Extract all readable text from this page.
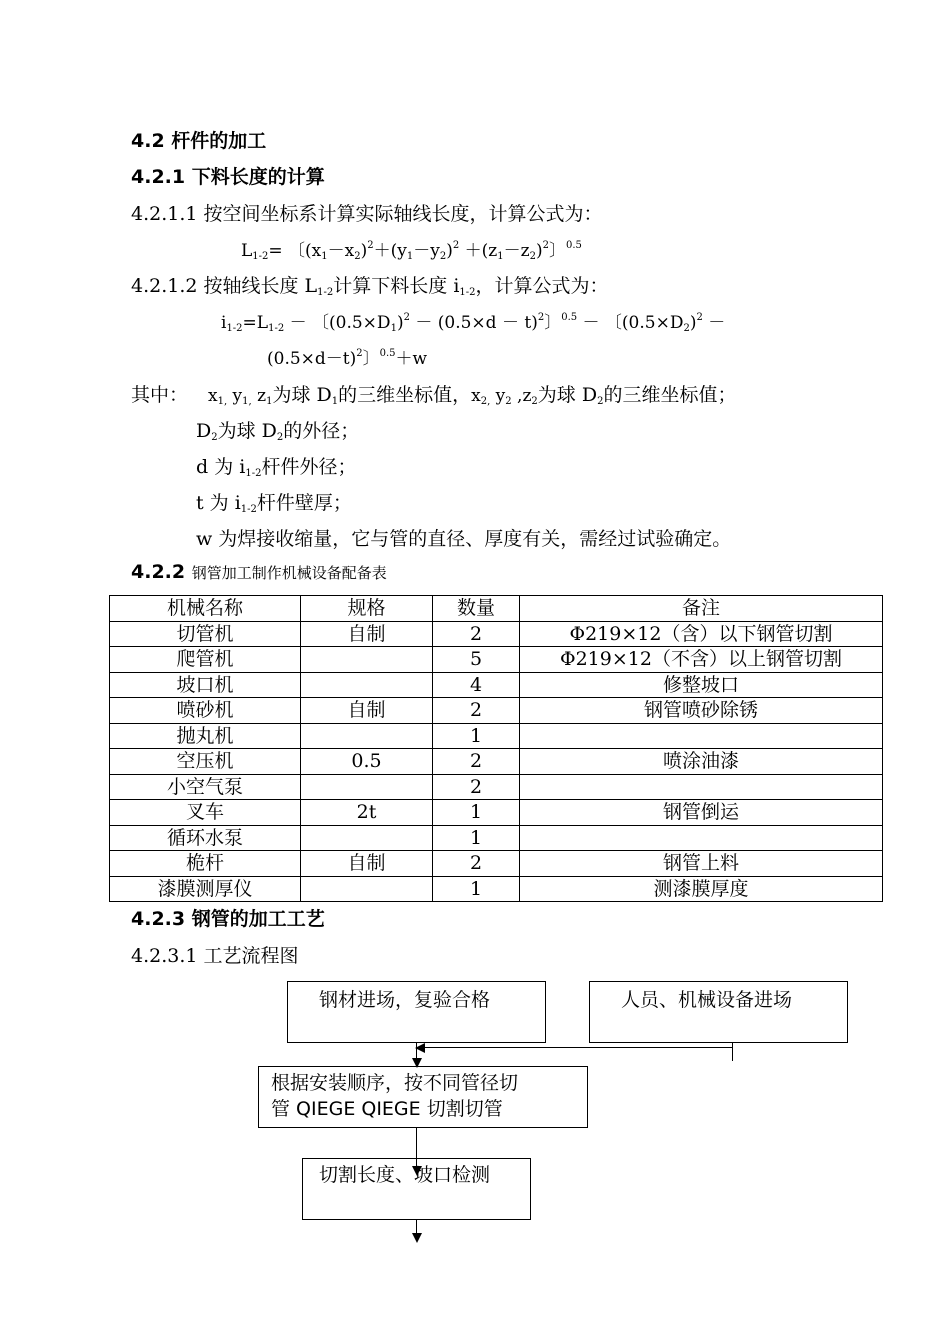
4.2 杆件的加工
4.2.1 下料长度的计算
4.2.1.1 按空间坐标系计算实际轴线长度，计算公式为：
$L_{1-2}=$ 〔$(x_1-x_2)^2+(y_1-y_2)^2 +(z_1-z_2)^2$〕$^{0.5}$
4.2.1.2 按轴线长度 $L_{1-2}$计算下料长度 $i_{1-2}$，计算公式为：
$i_{1-2}=L_{1-2}$ － 〔$(0.5\times D_1)^2 - (0.5\times d - t)^2$〕$^{0.5}$ － 〔$(0.5\times D_2)^2$ －
$(0.5\times d-t)^2$〕$^{0.5}$＋w
其中： $x_{1,}$ $y_{1,}$ $z_1$为球 $D_1$的三维坐标值，$x_{2,}$ $y_2$ $,z_2$为球 $D_2$的三维坐标值；
$D_2$为球 $D_2$的外径；
d 为 $i_{1-2}$杆件外径；
t 为 $i_{1-2}$杆件壁厚；
w 为焊接收缩量，它与管的直径、厚度有关，需经过试验确定。
4.2.2 钢管加工制作机械设备配备表
机械名称	规格	数量	备注
切管机	自制	2	Φ219×12（含）以下钢管切割
爬管机		5	Φ219×12（不含）以上钢管切割
坡口机		4	修整坡口
喷砂机	自制	2	钢管喷砂除锈
抛丸机		1	
空压机	0.5	2	喷涂油漆
小空气泵		2	
叉车	2t	1	钢管倒运
循环水泵		1	
桅杆	自制	2	钢管上料
漆膜测厚仪		1	测漆膜厚度
4.2.3 钢管的加工工艺
4.2.3.1 工艺流程图
钢材进场，复验合格	人员、机械设备进场
根据安装顺序，按不同管径切
管 QIEGE QIEGE 切割切管
切割长度、坡口检测
